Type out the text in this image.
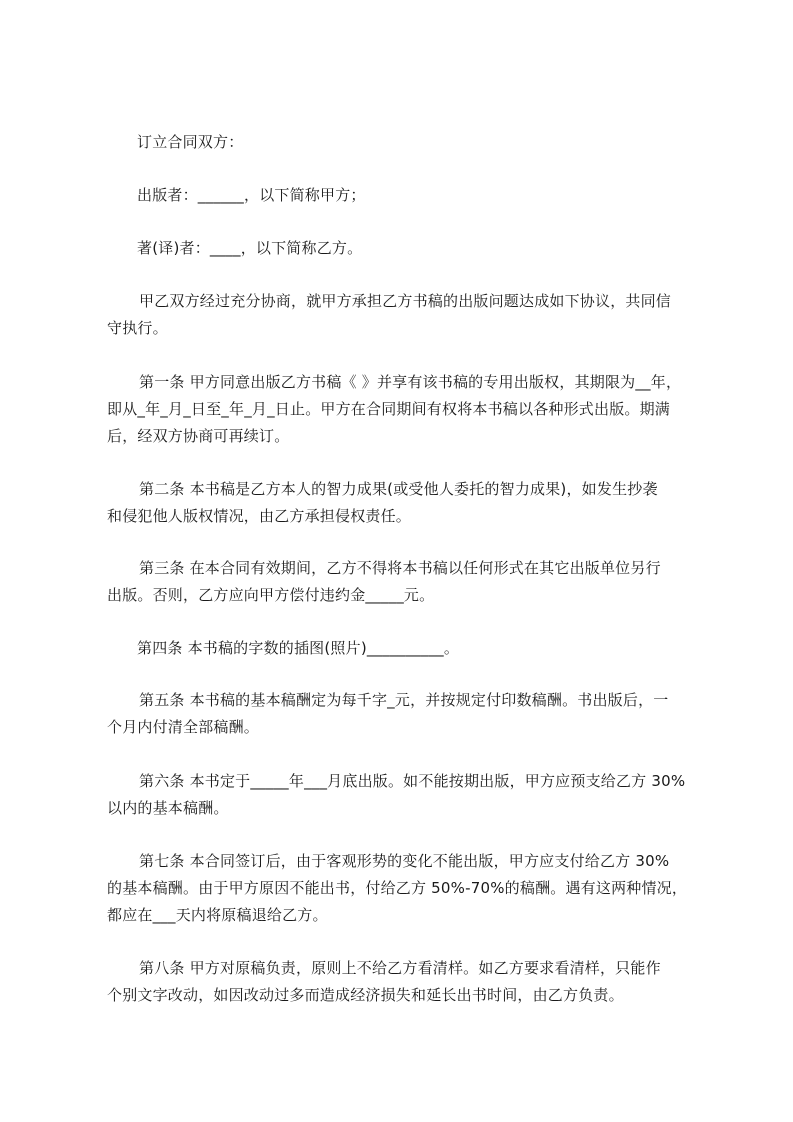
订立合同双方：
出版者：______，以下简称甲方；
著(译)者：____，以下简称乙方。
甲乙双方经过充分协商，就甲方承担乙方书稿的出版问题达成如下协议，共同信
守执行。
第一条 甲方同意出版乙方书稿《 》并享有该书稿的专用出版权，其期限为__年，
即从_年_月_日至_年_月_日止。甲方在合同期间有权将本书稿以各种形式出版。期满
后，经双方协商可再续订。
第二条 本书稿是乙方本人的智力成果(或受他人委托的智力成果)，如发生抄袭
和侵犯他人版权情况，由乙方承担侵权责任。
第三条 在本合同有效期间，乙方不得将本书稿以任何形式在其它出版单位另行
出版。否则，乙方应向甲方偿付违约金_____元。
第四条 本书稿的字数的插图(照片)__________。
第五条 本书稿的基本稿酬定为每千字_元，并按规定付印数稿酬。书出版后，一
个月内付清全部稿酬。
第六条 本书定于_____年___月底出版。如不能按期出版，甲方应预支给乙方 30%
以内的基本稿酬。
第七条 本合同签订后，由于客观形势的变化不能出版，甲方应支付给乙方 30%
的基本稿酬。由于甲方原因不能出书，付给乙方 50%-70%的稿酬。遇有这两种情况，
都应在___天内将原稿退给乙方。
第八条 甲方对原稿负责，原则上不给乙方看清样。如乙方要求看清样，只能作
个别文字改动，如因改动过多而造成经济损失和延长出书时间，由乙方负责。
